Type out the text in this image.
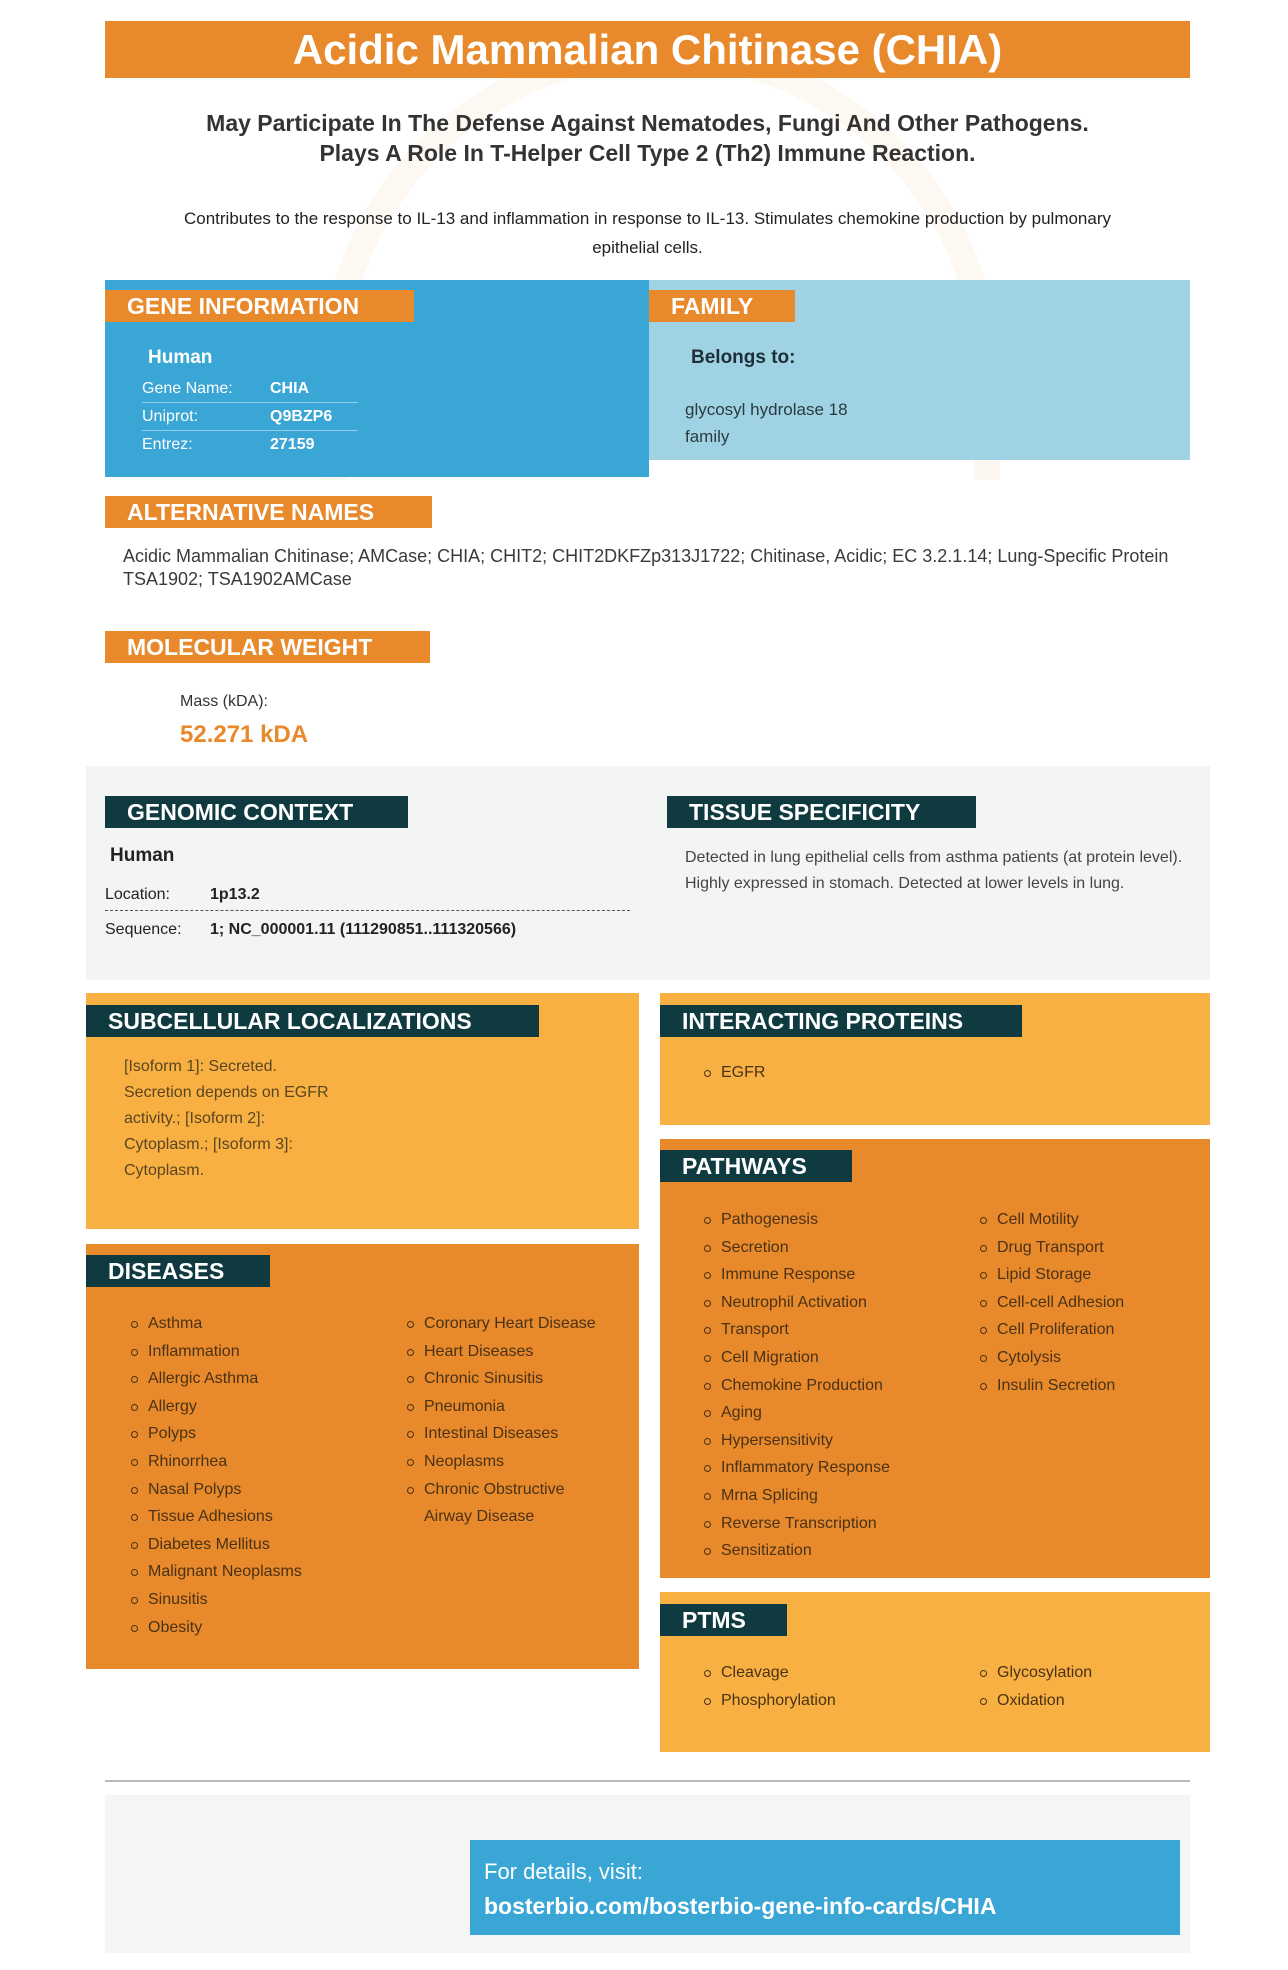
Acidic Mammalian Chitinase (CHIA)
May Participate In The Defense Against Nematodes, Fungi And Other Pathogens.
Plays A Role In T-Helper Cell Type 2 (Th2) Immune Reaction.
Contributes to the response to IL-13 and inflammation in response to IL-13. Stimulates chemokine production by pulmonary epithelial cells.
GENE INFORMATION
Human
Gene Name:	CHIA
Uniprot:	Q9BZP6
Entrez:	27159
FAMILY
Belongs to:
glycosyl hydrolase 18 family
ALTERNATIVE NAMES
Acidic Mammalian Chitinase; AMCase; CHIA; CHIT2; CHIT2DKFZp313J1722; Chitinase, Acidic; EC 3.2.1.14; Lung-Specific Protein TSA1902; TSA1902AMCase
MOLECULAR WEIGHT
Mass (kDA):
52.271 kDA
GENOMIC CONTEXT
Human
Location:	1p13.2
Sequence:	1; NC_000001.11 (111290851..111320566)
TISSUE SPECIFICITY
Detected in lung epithelial cells from asthma patients (at protein level). Highly expressed in stomach. Detected at lower levels in lung.
SUBCELLULAR LOCALIZATIONS
[Isoform 1]: Secreted. Secretion depends on EGFR activity.; [Isoform 2]: Cytoplasm.; [Isoform 3]: Cytoplasm.
DISEASES
Asthma
Inflammation
Allergic Asthma
Allergy
Polyps
Rhinorrhea
Nasal Polyps
Tissue Adhesions
Diabetes Mellitus
Malignant Neoplasms
Sinusitis
Obesity
Coronary Heart Disease
Heart Diseases
Chronic Sinusitis
Pneumonia
Intestinal Diseases
Neoplasms
Chronic Obstructive Airway Disease
INTERACTING PROTEINS
EGFR
PATHWAYS
Pathogenesis
Secretion
Immune Response
Neutrophil Activation
Transport
Cell Migration
Chemokine Production
Aging
Hypersensitivity
Inflammatory Response
Mrna Splicing
Reverse Transcription
Sensitization
Cell Motility
Drug Transport
Lipid Storage
Cell-cell Adhesion
Cell Proliferation
Cytolysis
Insulin Secretion
PTMS
Cleavage
Phosphorylation
Glycosylation
Oxidation
For details, visit:
bosterbio.com/bosterbio-gene-info-cards/CHIA
